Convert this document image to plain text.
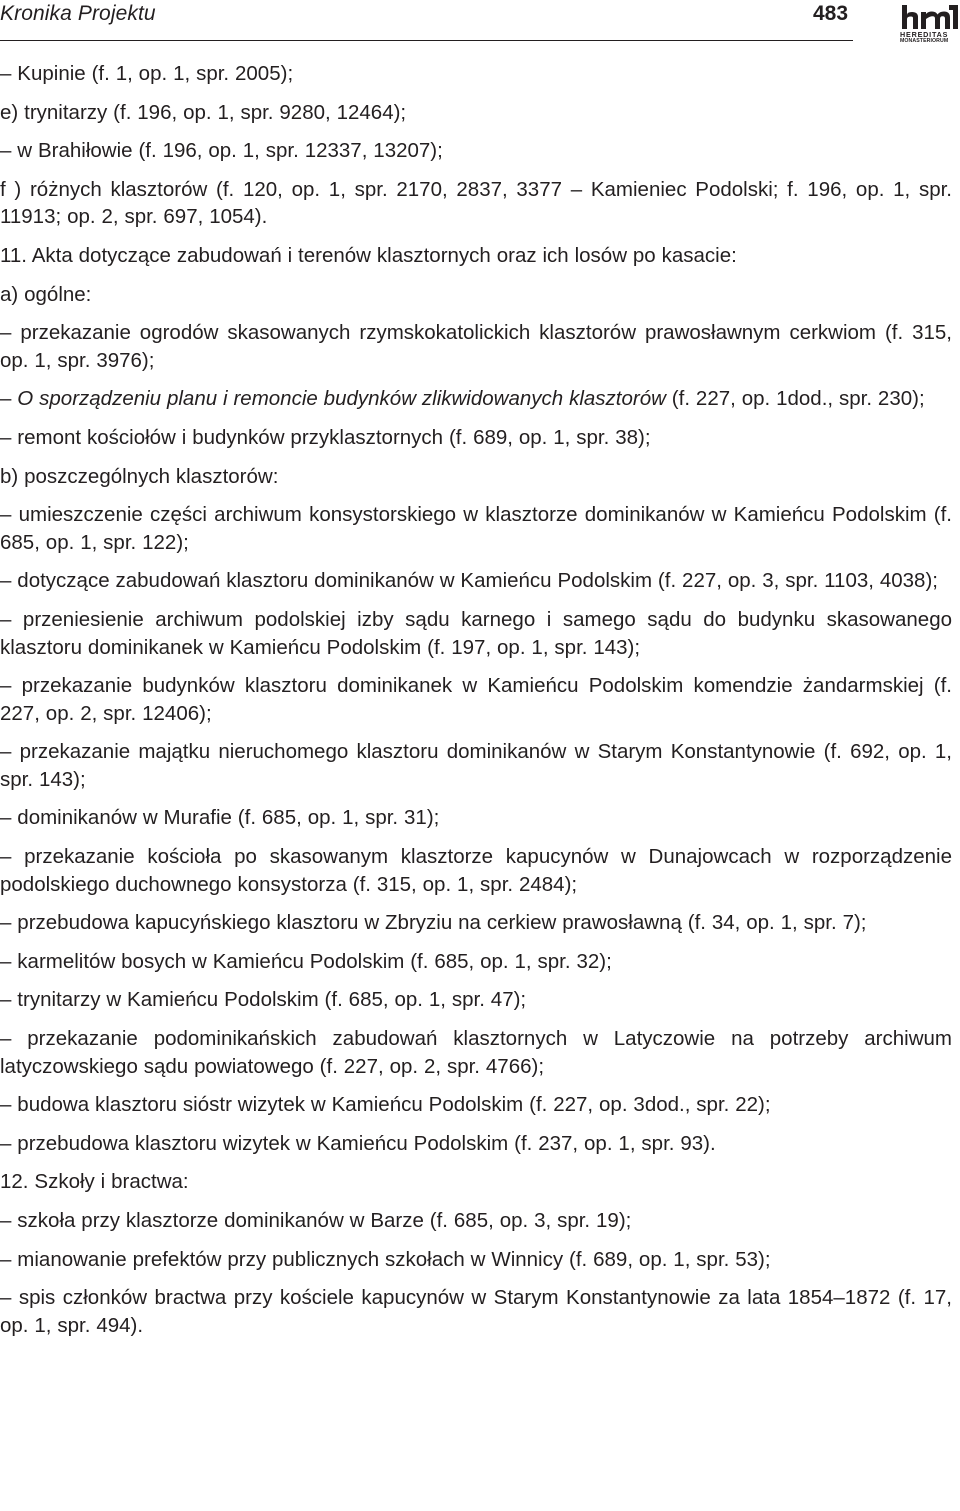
Kronika Projektu	483
HEREDITAS
MONASTERIORUM

– Kupinie (f. 1, op. 1, spr. 2005);

e) trynitarzy (f. 196, op. 1, spr. 9280, 12464);

– w Brahiłowie (f. 196, op. 1, spr. 12337, 13207);

f ) różnych klasztorów (f. 120, op. 1, spr. 2170, 2837, 3377 – Kamieniec Podolski; f. 196, op. 1, spr. 11913; op. 2, spr. 697, 1054).

11. Akta dotyczące zabudowań i terenów klasztornych oraz ich losów po kasacie:

a) ogólne:

– przekazanie ogrodów skasowanych rzymskokatolickich klasztorów prawosławnym cerkwiom (f. 315, op. 1, spr. 3976);

– O sporządzeniu planu i remoncie budynków zlikwidowanych klasztorów (f. 227, op. 1dod., spr. 230);

– remont kościołów i budynków przyklasztornych (f. 689, op. 1, spr. 38);

b) poszczególnych klasztorów:

– umieszczenie części archiwum konsystorskiego w klasztorze dominikanów w Kamieńcu Podolskim (f. 685, op. 1, spr. 122);

– dotyczące zabudowań klasztoru dominikanów w Kamieńcu Podolskim (f. 227, op. 3, spr. 1103, 4038);

– przeniesienie archiwum podolskiej izby sądu karnego i samego sądu do budynku skasowanego klasztoru dominikanek w Kamieńcu Podolskim (f. 197, op. 1, spr. 143);

– przekazanie budynków klasztoru dominikanek w Kamieńcu Podolskim komendzie żandarmskiej (f. 227, op. 2, spr. 12406);

– przekazanie majątku nieruchomego klasztoru dominikanów w Starym Konstantynowie (f. 692, op. 1, spr. 143);

– dominikanów w Murafie (f. 685, op. 1, spr. 31);

– przekazanie kościoła po skasowanym klasztorze kapucynów w Dunajowcach w rozporządzenie podolskiego duchownego konsystorza (f. 315, op. 1, spr. 2484);

– przebudowa kapucyńskiego klasztoru w Zbryziu na cerkiew prawosławną (f. 34, op. 1, spr. 7);

– karmelitów bosych w Kamieńcu Podolskim (f. 685, op. 1, spr. 32);

– trynitarzy w Kamieńcu Podolskim (f. 685, op. 1, spr. 47);

– przekazanie podominikańskich zabudowań klasztornych w Latyczowie na potrzeby archiwum latyczowskiego sądu powiatowego (f. 227, op. 2, spr. 4766);

– budowa klasztoru sióstr wizytek w Kamieńcu Podolskim (f. 227, op. 3dod., spr. 22);

– przebudowa klasztoru wizytek w Kamieńcu Podolskim (f. 237, op. 1, spr. 93).

12. Szkoły i bractwa:

– szkoła przy klasztorze dominikanów w Barze (f. 685, op. 3, spr. 19);

– mianowanie prefektów przy publicznych szkołach w Winnicy (f. 689, op. 1, spr. 53);

– spis członków bractwa przy kościele kapucynów w Starym Konstantynowie za lata 1854–1872 (f. 17, op. 1, spr. 494).
